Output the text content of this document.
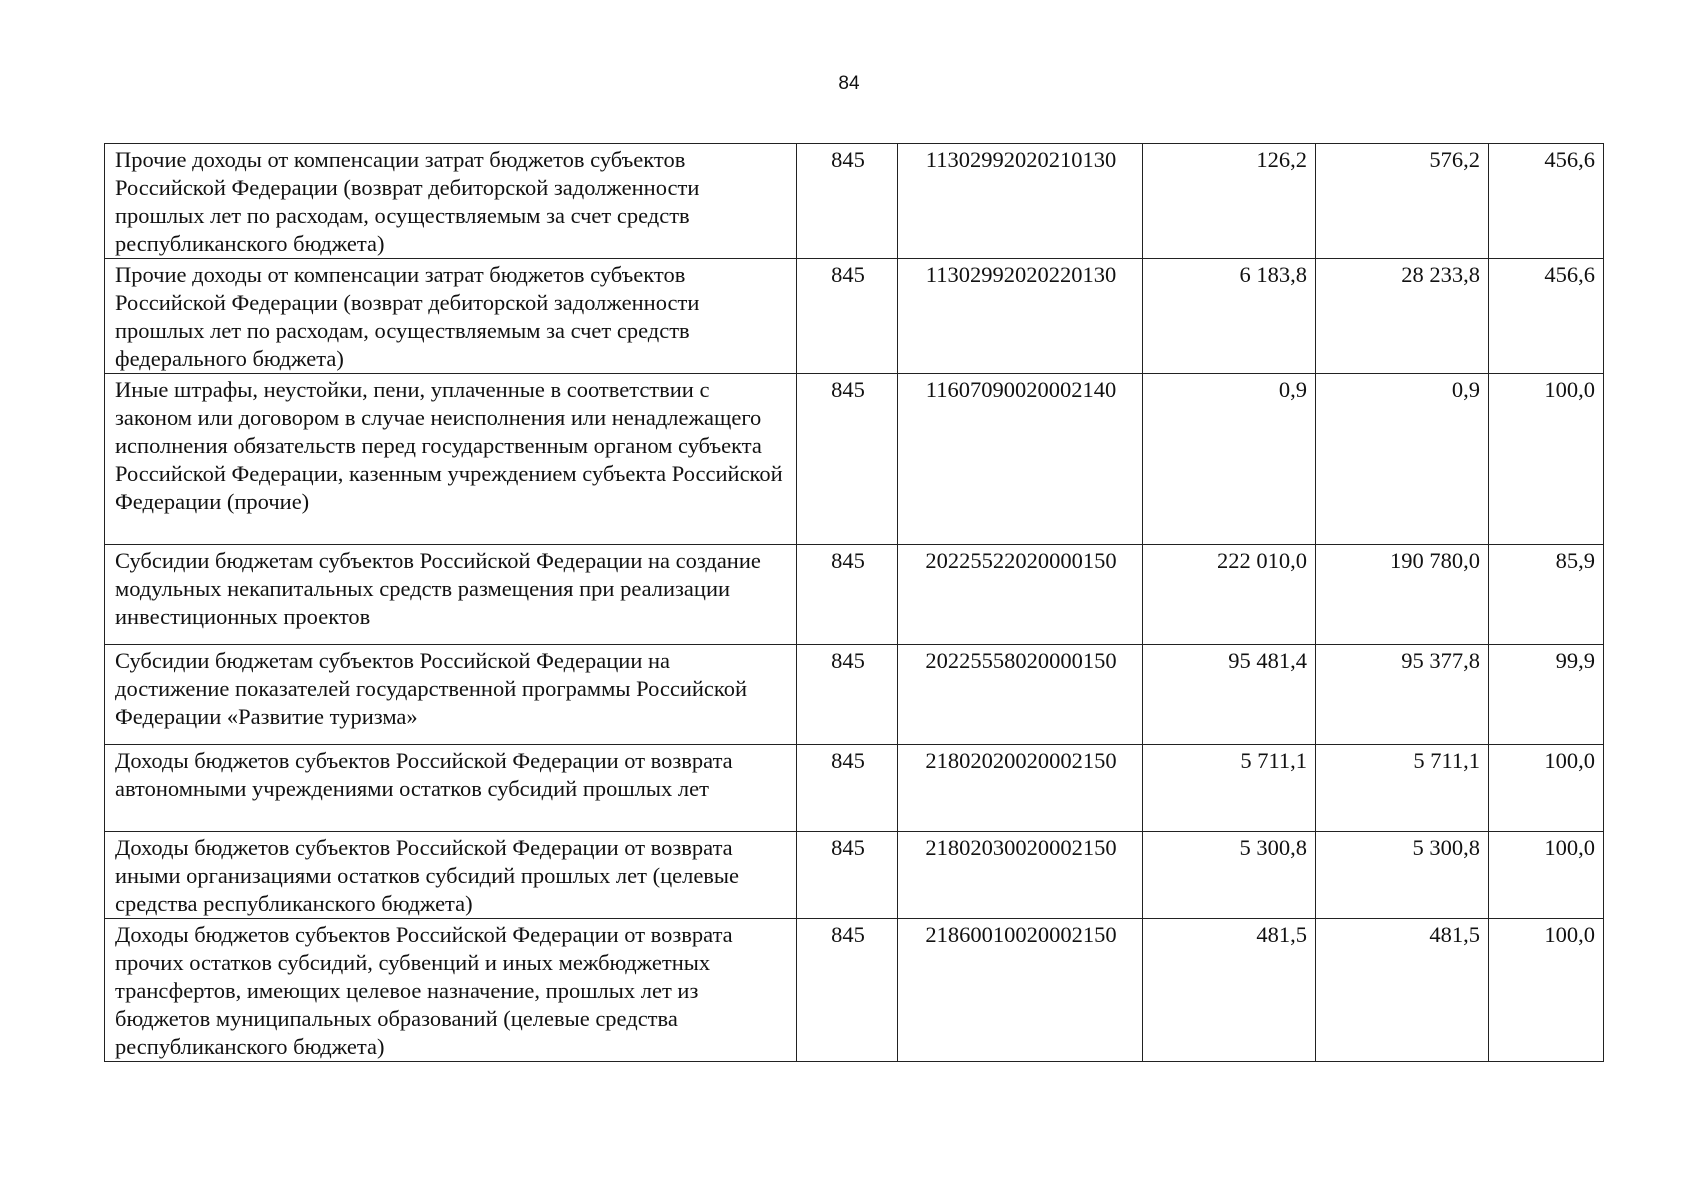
84
Прочие доходы от компенсации затрат бюджетов субъектов Российской Федерации (возврат дебиторской задолженности прошлых лет по расходам, осуществляемым за счет средств республиканского бюджета)	845	11302992020210130	126,2	576,2	456,6
Прочие доходы от компенсации затрат бюджетов субъектов Российской Федерации (возврат дебиторской задолженности прошлых лет по расходам, осуществляемым за счет средств федерального бюджета)	845	11302992020220130	6 183,8	28 233,8	456,6
Иные штрафы, неустойки, пени, уплаченные в соответствии с законом или договором в случае неисполнения или ненадлежащего исполнения обязательств перед государственным органом субъекта Российской Федерации, казенным учреждением субъекта Российской Федерации (прочие)	845	11607090020002140	0,9	0,9	100,0
Субсидии бюджетам субъектов Российской Федерации на создание модульных некапитальных средств размещения при реализации инвестиционных проектов	845	20225522020000150	222 010,0	190 780,0	85,9
Субсидии бюджетам субъектов Российской Федерации на достижение показателей государственной программы Российской Федерации «Развитие туризма»	845	20225558020000150	95 481,4	95 377,8	99,9
Доходы бюджетов субъектов Российской Федерации от возврата автономными учреждениями остатков субсидий прошлых лет	845	21802020020002150	5 711,1	5 711,1	100,0
Доходы бюджетов субъектов Российской Федерации от возврата иными организациями остатков субсидий прошлых лет (целевые средства республиканского бюджета)	845	21802030020002150	5 300,8	5 300,8	100,0
Доходы бюджетов субъектов Российской Федерации от возврата прочих остатков субсидий, субвенций и иных межбюджетных трансфертов, имеющих целевое назначение, прошлых лет из бюджетов муниципальных образований (целевые средства республиканского бюджета)	845	21860010020002150	481,5	481,5	100,0
